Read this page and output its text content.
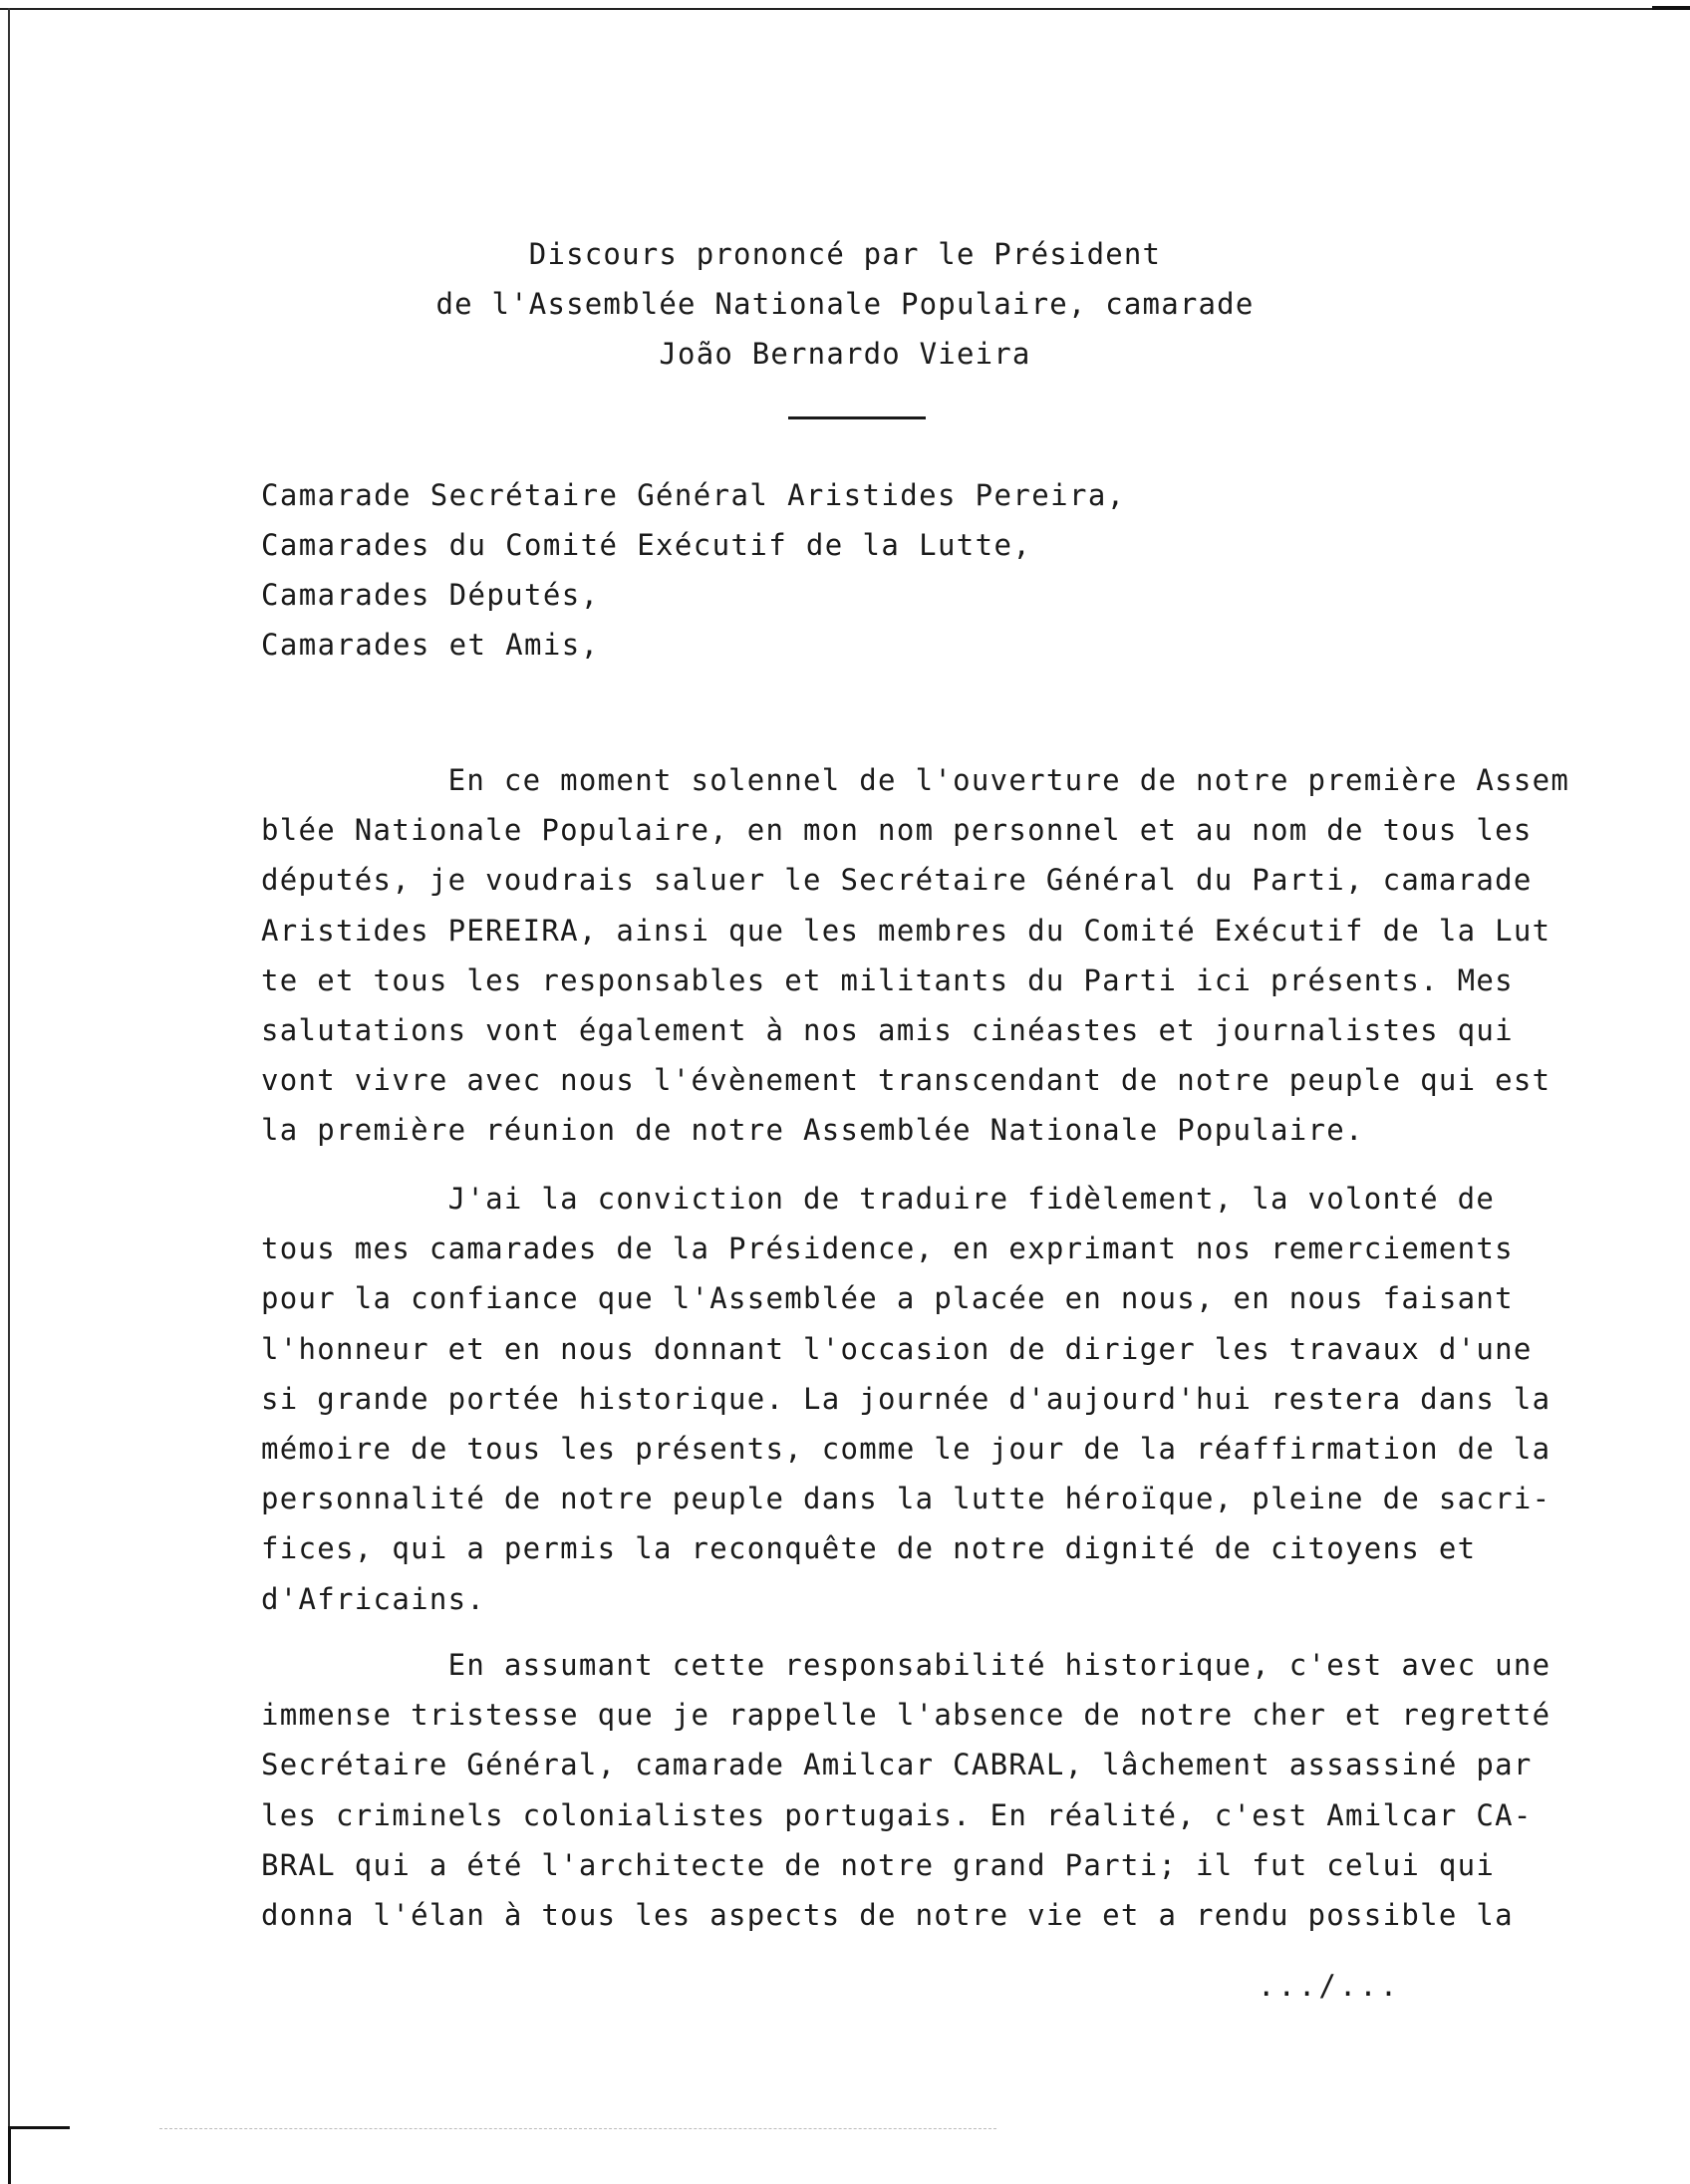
Discours prononcé par le Président
de l'Assemblée Nationale Populaire, camarade
João Bernardo Vieira
Camarade Secrétaire Général Aristides Pereira,
Camarades du Comité Exécutif de la Lutte,
Camarades Députés,
Camarades et Amis,
En ce moment solennel de l'ouverture de notre première Assem
blée Nationale Populaire, en mon nom personnel et au nom de tous les
députés, je voudrais saluer le Secrétaire Général du Parti, camarade
Aristides PEREIRA, ainsi que les membres du Comité Exécutif de la Lut
te et tous les responsables et militants du Parti ici présents. Mes
salutations vont également à nos amis cinéastes et journalistes qui
vont vivre avec nous l'évènement transcendant de notre peuple qui est
la première réunion de notre Assemblée Nationale Populaire.
J'ai la conviction de traduire fidèlement, la volonté de
tous mes camarades de la Présidence, en exprimant nos remerciements
pour la confiance que l'Assemblée a placée en nous, en nous faisant
l'honneur et en nous donnant l'occasion de diriger les travaux d'une
si grande portée historique. La journée d'aujourd'hui restera dans la
mémoire de tous les présents, comme le jour de la réaffirmation de la
personnalité de notre peuple dans la lutte héroïque, pleine de sacri-
fices, qui a permis la reconquête de notre dignité de citoyens et
d'Africains.
En assumant cette responsabilité historique, c'est avec une
immense tristesse que je rappelle l'absence de notre cher et regretté
Secrétaire Général, camarade Amilcar CABRAL, lâchement assassiné par
les criminels colonialistes portugais. En réalité, c'est Amilcar CA-
BRAL qui a été l'architecte de notre grand Parti; il fut celui qui
donna l'élan à tous les aspects de notre vie et a rendu possible la
.../...
